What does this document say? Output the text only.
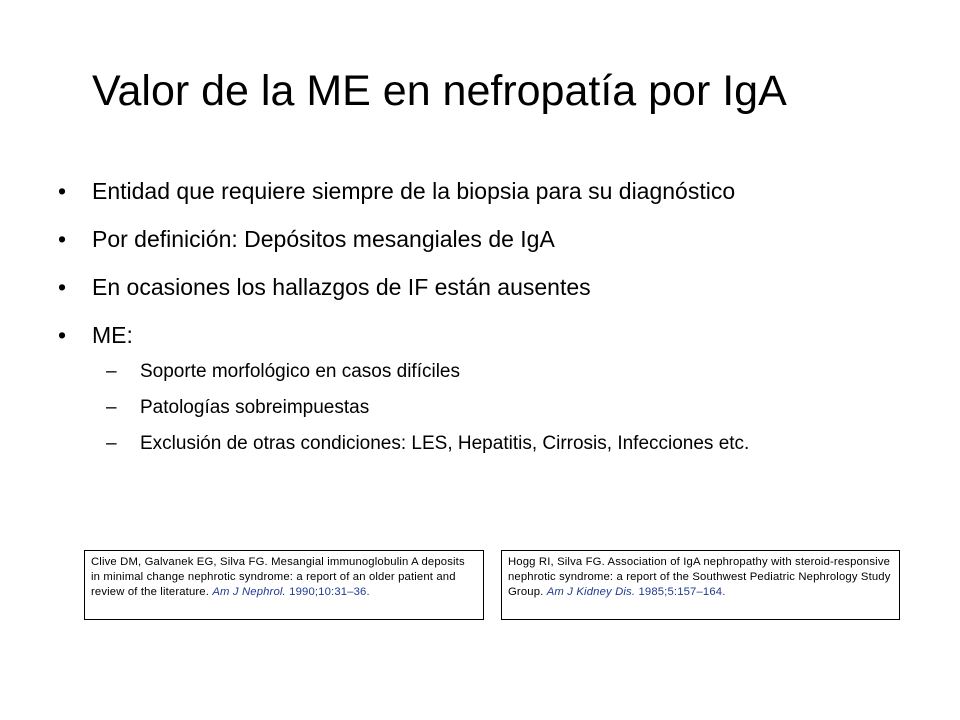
Valor de la ME en nefropatía por IgA
• Entidad que requiere siempre de la biopsia para su diagnóstico
• Por definición: Depósitos mesangiales de IgA
• En ocasiones los hallazgos de IF están ausentes
• ME:
– Soporte morfológico en casos difíciles
– Patologías sobreimpuestas
– Exclusión de otras condiciones: LES, Hepatitis, Cirrosis, Infecciones etc.
Clive DM, Galvanek EG, Silva FG. Mesangial immunoglobulin A deposits in minimal change nephrotic syndrome: a report of an older patient and review of the literature. Am J Nephrol. 1990;10:31–36.
Hogg RI, Silva FG. Association of IgA nephropathy with steroid-responsive nephrotic syndrome: a report of the Southwest Pediatric Nephrology Study Group. Am J Kidney Dis. 1985;5:157–164.
